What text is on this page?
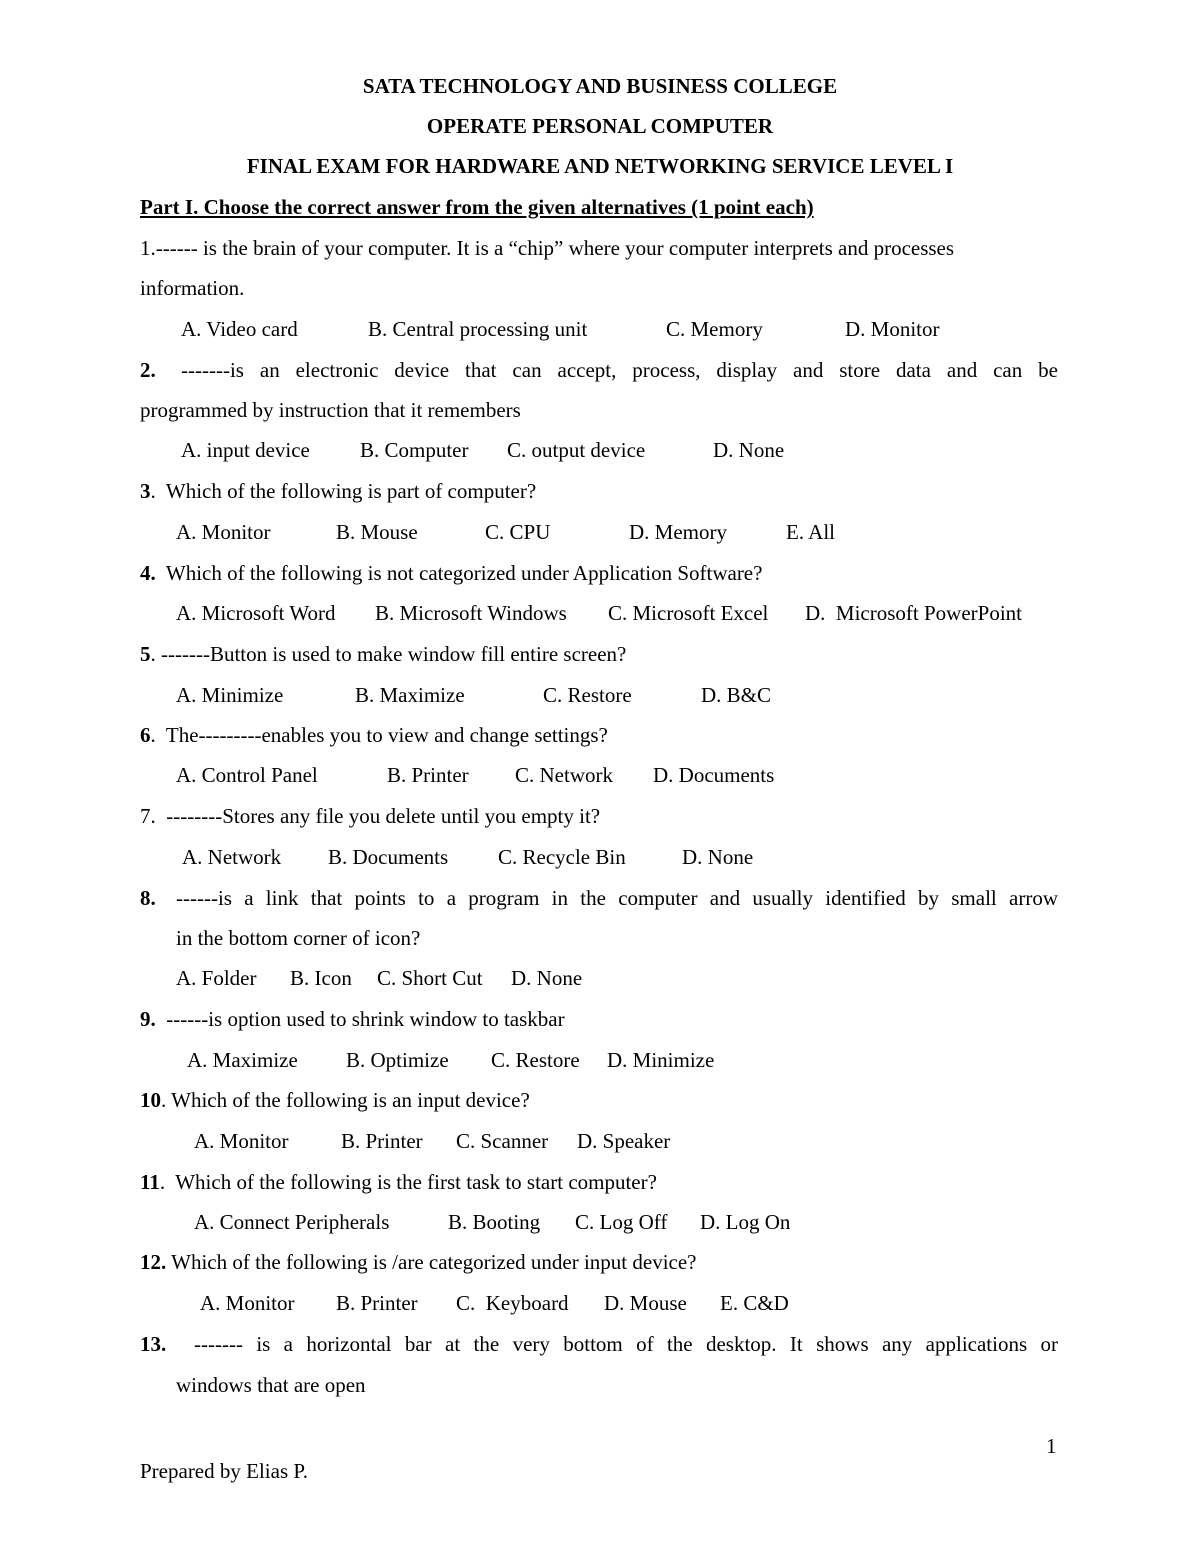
SATA TECHNOLOGY AND BUSINESS COLLEGE
OPERATE PERSONAL COMPUTER
FINAL EXAM FOR HARDWARE AND NETWORKING SERVICE LEVEL I
Part I. Choose the correct answer from the given alternatives (1 point each)
1.------ is the brain of your computer. It is a “chip” where your computer interprets and processes
information.
A. Video card	B. Central processing unit	C. Memory	D. Monitor
2. -------is an electronic device that can accept, process, display and store data and can be
programmed by instruction that it remembers
A. input device B. Computer C. output device	D. None
3. Which of the following is part of computer?
A. Monitor	B. Mouse	C. CPU	D. Memory	E. All
4. Which of the following is not categorized under Application Software?
A. Microsoft Word B. Microsoft Windows C. Microsoft Excel D.  Microsoft PowerPoint
5. -------Button is used to make window fill entire screen?
A. Minimize	B. Maximize	C. Restore	D. B&C
6. The---------enables you to view and change settings?
A. Control Panel	B. Printer C. Network D. Documents
7. --------Stores any file you delete until you empty it?
A. Network B. Documents C. Recycle Bin	D. None
8. ------is a link that points to a program in the computer and usually identified by small arrow
in the bottom corner of icon?
A. Folder B. Icon C. Short Cut D. None
9. ------is option used to shrink window to taskbar
A. Maximize B. Optimize C. Restore D. Minimize
10. Which of the following is an input device?
A. Monitor	B. Printer C. Scanner D. Speaker
11. Which of the following is the first task to start computer?
A. Connect Peripherals	B. Booting C. Log Off D. Log On
12. Which of the following is /are categorized under input device?
A. Monitor B. Printer C.  Keyboard D. Mouse E. C&D
13. ------- is a horizontal bar at the very bottom of the desktop. It shows any applications or
windows that are open
1
Prepared by Elias P.
